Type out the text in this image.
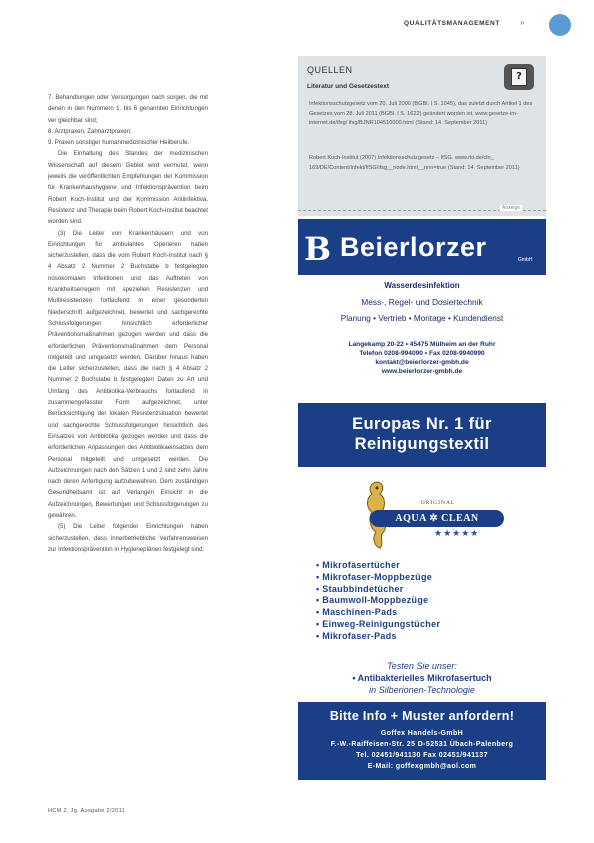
QUALITÄTSMANAGEMENT	»

7. Behandlungen oder Versorgungen nach sorgen, die mit denen in den Nummern 1. bis 6 genannten Einrichtungen ver gleichbar sind;

8. Arztpraxen, Zahnarztpraxen;

9. Praxen sonstiger humanmedizinischer Heilberufe.

Die Einhaltung des Standes der medizinischen Wissenschaft auf diesem Gebiet wird vermutet, wenn jeweils die veröffentlichten Empfehlungen der Kommission für Krankenhaushygiene und Infektionsprävention beim Robert Koch-Institut und der Kommission Antiinfektiva, Resistenz und Therapie beim Robert Koch-Institut beachtet worden sind.

(3) Die Leiter von Krankenhäusern und von Einrichtungen für ambulantes Operieren haben sicherzustellen, dass die vom Robert Koch-Institut nach § 4 Absatz 2 Nummer 2 Buchstabe b festgelegten nosokomialen Infektionen und das Auftreten von Krankheitserregern mit speziellen Resistenzen und Multiresistenzen fortlaufend in einer gesonderten Niederschrift aufgezeichnet, bewertet und sachgerechte Schlussfolgerungen hinsichtlich erforderlicher Präventionsmaßnahmen gezogen werden und dass die erforderlichen Präventionsmaßnahmen dem Personal mitgeteilt und umgesetzt werden. Darüber hinaus haben die Leiter sicherzustellen, dass die nach § 4 Absatz 2 Nummer 2 Buchstabe b festgelegten Daten zu Art und Umfang des Antibiotika-Verbrauchs fortlaufend in zusammengefasster Form aufgezeichnet, unter Berücksichtigung der lokalen Resistenzsituation bewertet und sachgerechte Schlussfolgerungen hinsichtlich des Einsatzes von Antibiotika gezogen werden und dass die erforderlichen Anpassungen des Antibiotikaeinsatzes dem Personal mitgeteilt und umgesetzt werden. Die Aufzeichnungen nach den Sätzen 1 und 2 sind zehn Jahre nach deren Anfertigung aufzubewahren. Dem zuständigen Gesundheitsamt ist auf Verlangen Einsicht in die Aufzeichnungen, Bewertungen und Schlussfolgerungen zu gewähren.

(5) Die Leiter folgender Einrichtungen haben sicherzustellen, dass innerbetriebliche Verfahrensweisen zur Infektionsprävention in Hygieneplänen festgelegt sind:

QUELLEN
Literatur und Gesetzestext
?
Infektionsschutzgesetz vom 20. Juli 2000 (BGBl. I S. 1045), das zuletzt durch Artikel 1 des Gesetzes vom 28. Juli 2011 (BGBl. I S. 1622) geändert worden ist. www.gesetze-im-internet.de/ifsg/ ifsg/BJNR104510000.html (Stand: 14. September 2011)
Robert Koch-Institut (2007) Infektionsschutzgesetz – IfSG. www.rki.de/cln_ 169/DE/Content/Infekt/IfSG/ifsg__node.html__nnn=true (Stand: 14. September 2011)
Anzeige
B Beierlorzer	GmbH
Wasserdesinfektion
Mess-, Regel- und Dosiertechnik
Planung • Vertrieb • Montage • Kundendienst
Langekamp 20-22 • 45475 Mülheim an der Ruhr
Telefon 0208-994090 • Fax 0208-9940990
kontakt@beierlorzer-gmbh.de
www.beierlorzer-gmbh.de
Europas Nr. 1 für
Reinigungstextil
ORIGINAL
AQUA ✲ CLEAN
★★★★★
• Mikrofasertücher
• Mikrofaser-Moppbezüge
• Staubbindetücher
• Baumwoll-Moppbezüge
• Maschinen-Pads
• Einweg-Reinigungstücher
• Mikrofaser-Pads
Testen Sie unser:
• Antibakterielles Mikrofasertuch
in Silberionen-Technologie
Bitte Info + Muster anfordern!
Goffex Handels-GmbH
F.-W.-Raiffeisen-Str. 25 D-52531 Übach-Palenberg
Tel. 02451/941130 Fax 02451/941137
E-Mail: goffexgmbh@aol.com
HCM 2. Jg. Ausgabe 2/2011
